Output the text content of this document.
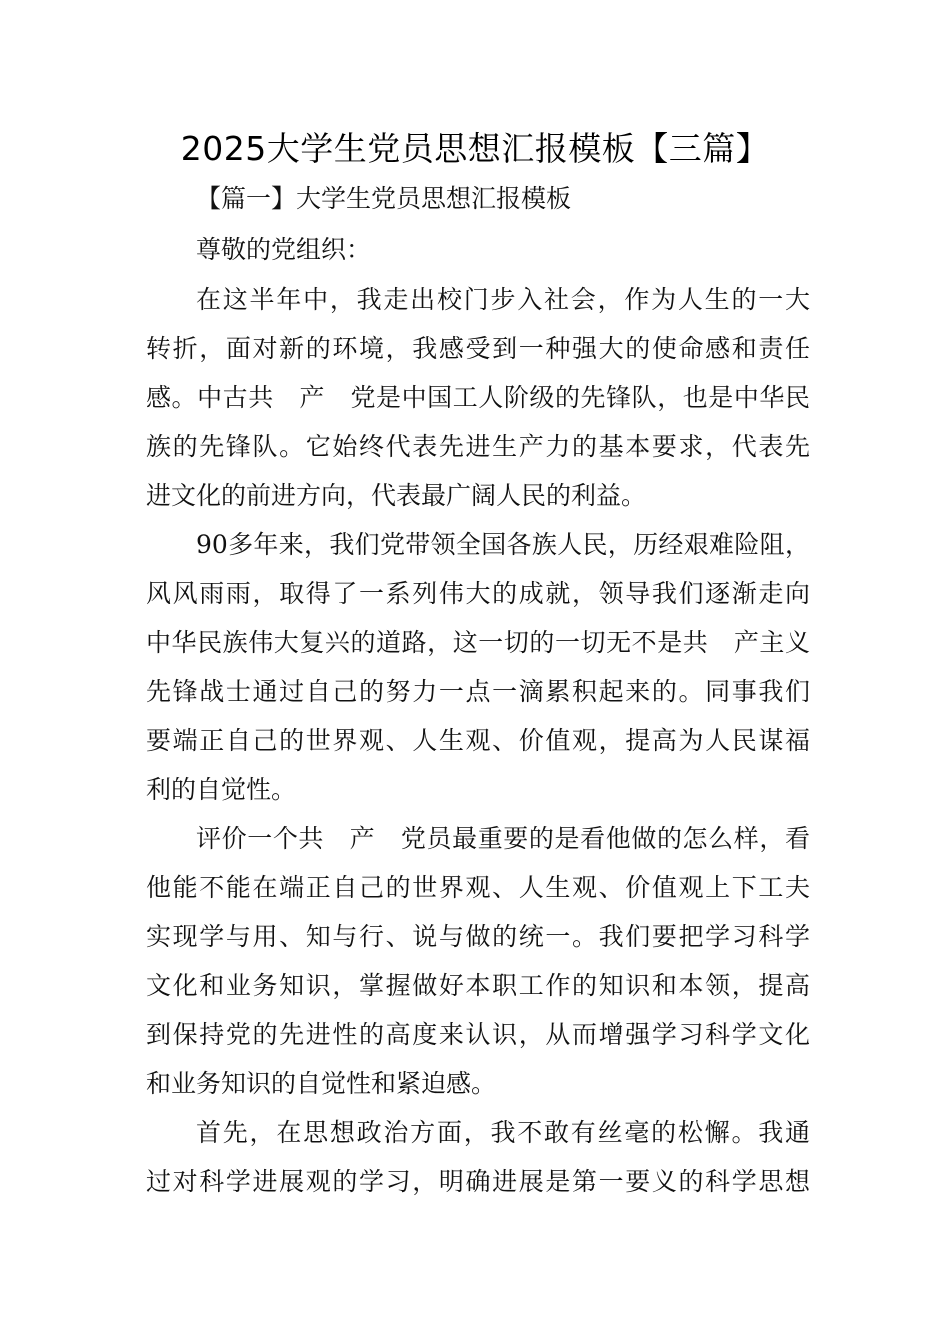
2025大学生党员思想汇报模板【三篇】
【篇一】大学生党员思想汇报模板
尊敬的党组织：
在这半年中，我走出校门步入社会，作为人生的一大
转折，面对新的环境，我感受到一种强大的使命感和责任
感。中古共　产　党是中国工人阶级的先锋队，也是中华民
族的先锋队。它始终代表先进生产力的基本要求，代表先
进文化的前进方向，代表最广阔人民的利益。
90多年来，我们党带领全国各族人民，历经艰难险阻，
风风雨雨，取得了一系列伟大的成就，领导我们逐渐走向
中华民族伟大复兴的道路，这一切的一切无不是共　产主义
先锋战士通过自己的努力一点一滴累积起来的。同事我们
要端正自己的世界观、人生观、价值观，提高为人民谋福
利的自觉性。
评价一个共　产　党员最重要的是看他做的怎么样，看
他能不能在端正自己的世界观、人生观、价值观上下工夫
实现学与用、知与行、说与做的统一。我们要把学习科学
文化和业务知识，掌握做好本职工作的知识和本领，提高
到保持党的先进性的高度来认识，从而增强学习科学文化
和业务知识的自觉性和紧迫感。
首先，在思想政治方面，我不敢有丝毫的松懈。我通
过对科学进展观的学习，明确进展是第一要义的科学思想
